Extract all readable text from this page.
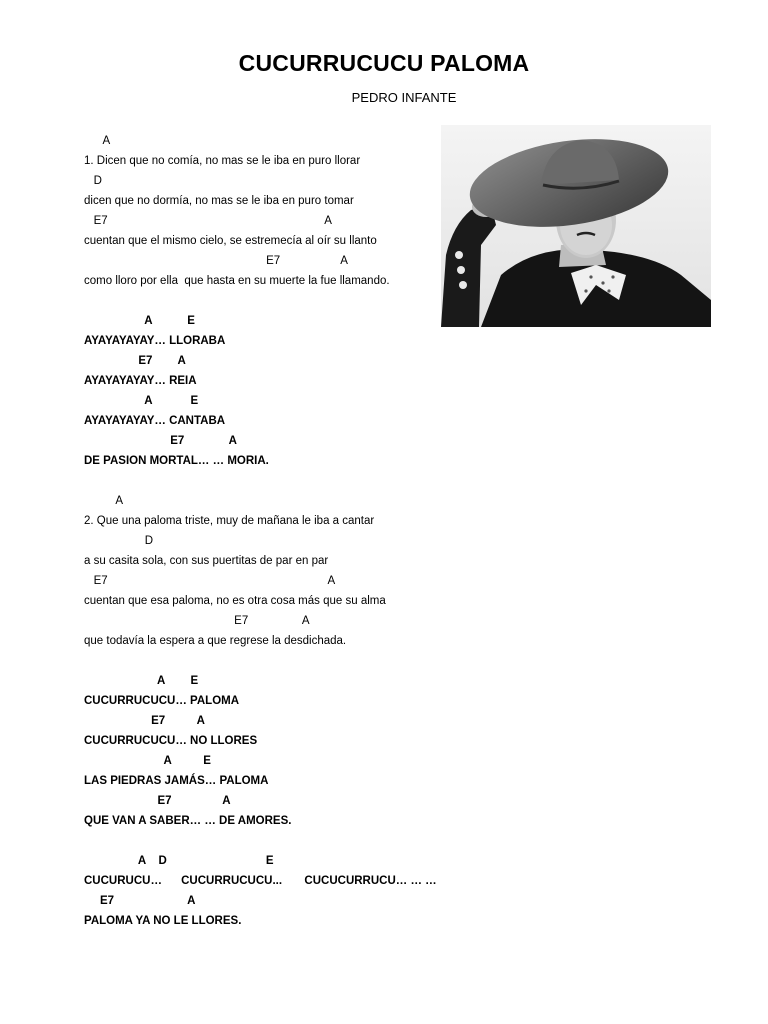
CUCURRUCUCU PALOMA
PEDRO INFANTE
A
1. Dicen que no comía, no mas se le iba en puro llorar
D
dicen que no dormía, no mas se le iba en puro tomar
E7                                                                    A
cuentan que el mismo cielo, se estremecía al oír su llanto
E7                   A
como lloro por ella  que hasta en su muerte la fue llamando.
A           E
AYAYAYAYAY… LLORABA
E7        A
AYAYAYAYAY… REIA
A            E
AYAYAYAYAY… CANTABA
E7              A
DE PASION MORTAL… … MORIA.
A
2. Que una paloma triste, muy de mañana le iba a cantar
D
a su casita sola, con sus puertitas de par en par
E7                                                                     A
cuentan que esa paloma, no es otra cosa más que su alma
E7                 A
que todavía la espera a que regrese la desdichada.
A        E
CUCURRUCUCU… PALOMA
E7          A
CUCURRUCUCU… NO LLORES
A          E
LAS PIEDRAS JAMÁS… PALOMA
E7                A
QUE VAN A SABER… … DE AMORES.
A    D                               E
CUCURUCU…      CUCURRUCUCU...       CUCUCURRUCU… … …
E7                       A
PALOMA YA NO LE LLORES.
